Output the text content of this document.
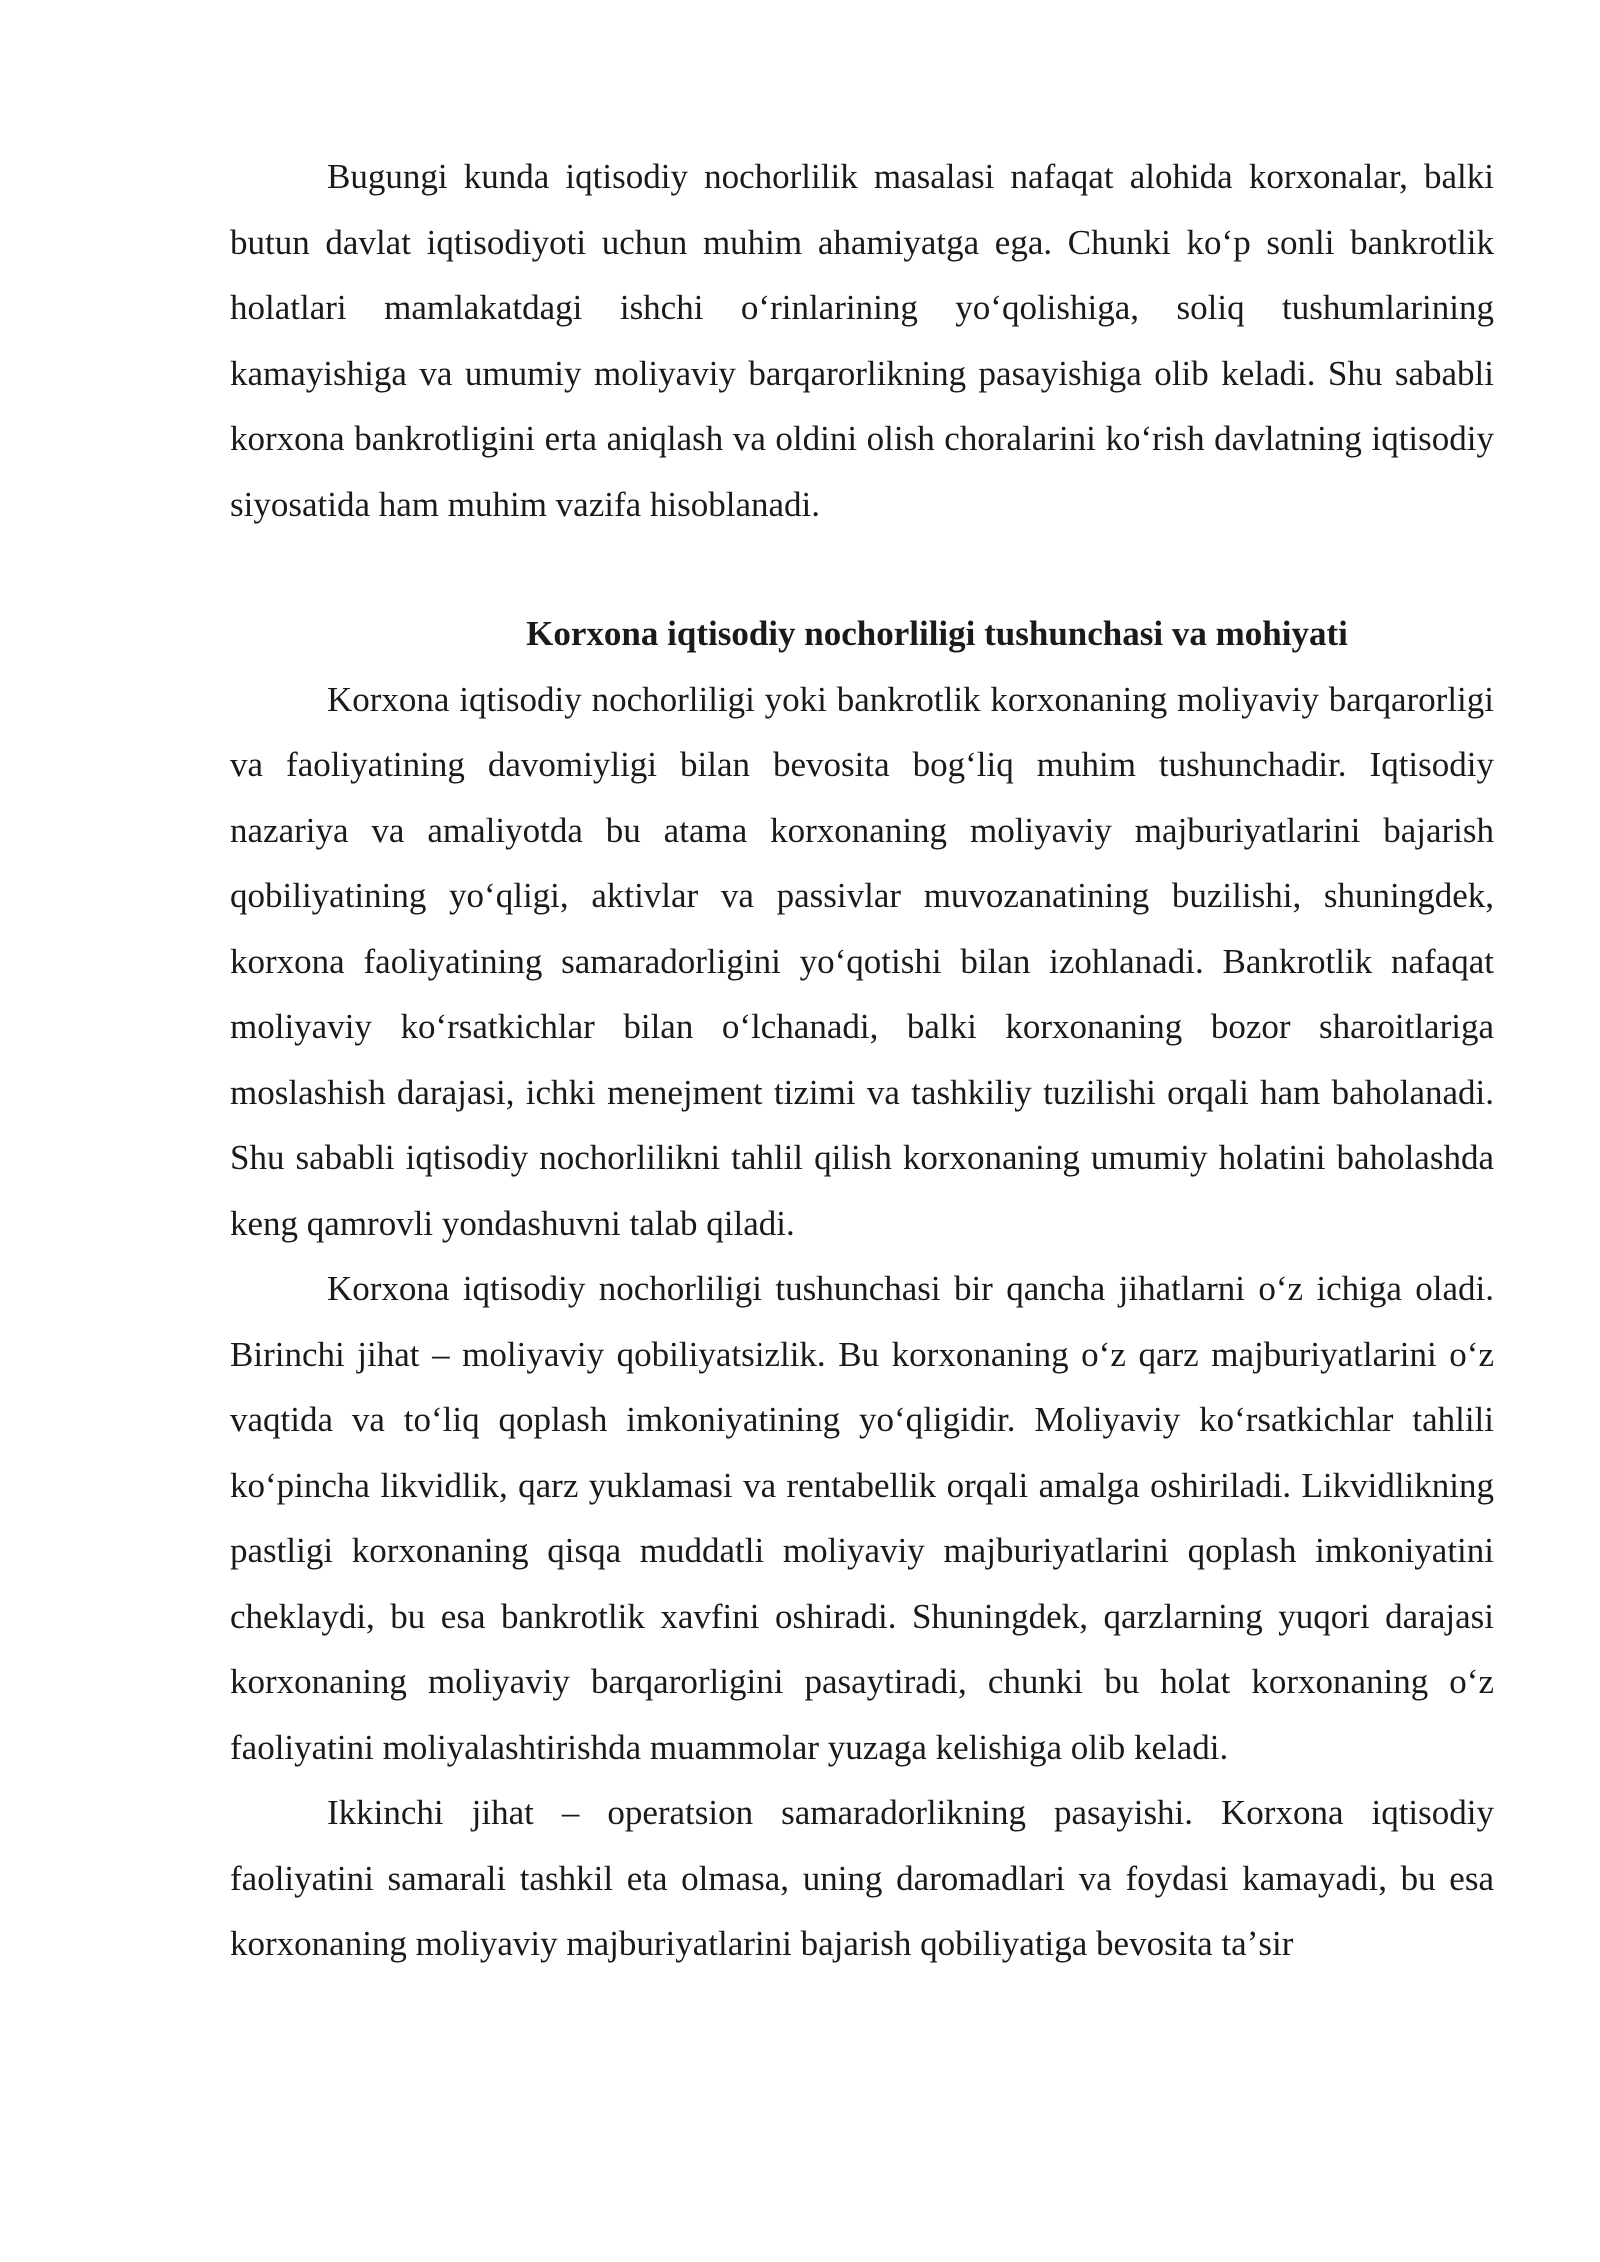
Bugungi kunda iqtisodiy nochorlilik masalasi nafaqat alohida korxonalar, balki butun davlat iqtisodiyoti uchun muhim ahamiyatga ega. Chunki koʻp sonli bankrotlik holatlari mamlakatdagi ishchi oʻrinlarining yoʻqolishiga, soliq tushumlarining kamayishiga va umumiy moliyaviy barqarorlikning pasayishiga olib keladi. Shu sababli korxona bankrotligini erta aniqlash va oldini olish choralarini koʻrish davlatning iqtisodiy siyosatida ham muhim vazifa hisoblanadi.

Korxona iqtisodiy nochorliligi tushunchasi va mohiyati

Korxona iqtisodiy nochorliligi yoki bankrotlik korxonaning moliyaviy barqarorligi va faoliyatining davomiyligi bilan bevosita bogʻliq muhim tushunchadir. Iqtisodiy nazariya va amaliyotda bu atama korxonaning moliyaviy majburiyatlarini bajarish qobiliyatining yoʻqligi, aktivlar va passivlar muvozanatining buzilishi, shuningdek, korxona faoliyatining samaradorligini yoʻqotishi bilan izohlanadi. Bankrotlik nafaqat moliyaviy koʻrsatkichlar bilan oʻlchanadi, balki korxonaning bozor sharoitlariga moslashish darajasi, ichki menejment tizimi va tashkiliy tuzilishi orqali ham baholanadi. Shu sababli iqtisodiy nochorlilikni tahlil qilish korxonaning umumiy holatini baholashda keng qamrovli yondashuvni talab qiladi.

Korxona iqtisodiy nochorliligi tushunchasi bir qancha jihatlarni oʻz ichiga oladi. Birinchi jihat – moliyaviy qobiliyatsizlik. Bu korxonaning oʻz qarz majburiyatlarini oʻz vaqtida va toʻliq qoplash imkoniyatining yoʻqligidir. Moliyaviy koʻrsatkichlar tahlili koʻpincha likvidlik, qarz yuklamasi va rentabellik orqali amalga oshiriladi. Likvidlikning pastligi korxonaning qisqa muddatli moliyaviy majburiyatlarini qoplash imkoniyatini cheklaydi, bu esa bankrotlik xavfini oshiradi. Shuningdek, qarzlarning yuqori darajasi korxonaning moliyaviy barqarorligini pasaytiradi, chunki bu holat korxonaning oʻz faoliyatini moliyalashtirishda muammolar yuzaga kelishiga olib keladi.

Ikkinchi jihat – operatsion samaradorlikning pasayishi. Korxona iqtisodiy faoliyatini samarali tashkil eta olmasa, uning daromadlari va foydasi kamayadi, bu esa korxonaning moliyaviy majburiyatlarini bajarish qobiliyatiga bevosita taʼsir
